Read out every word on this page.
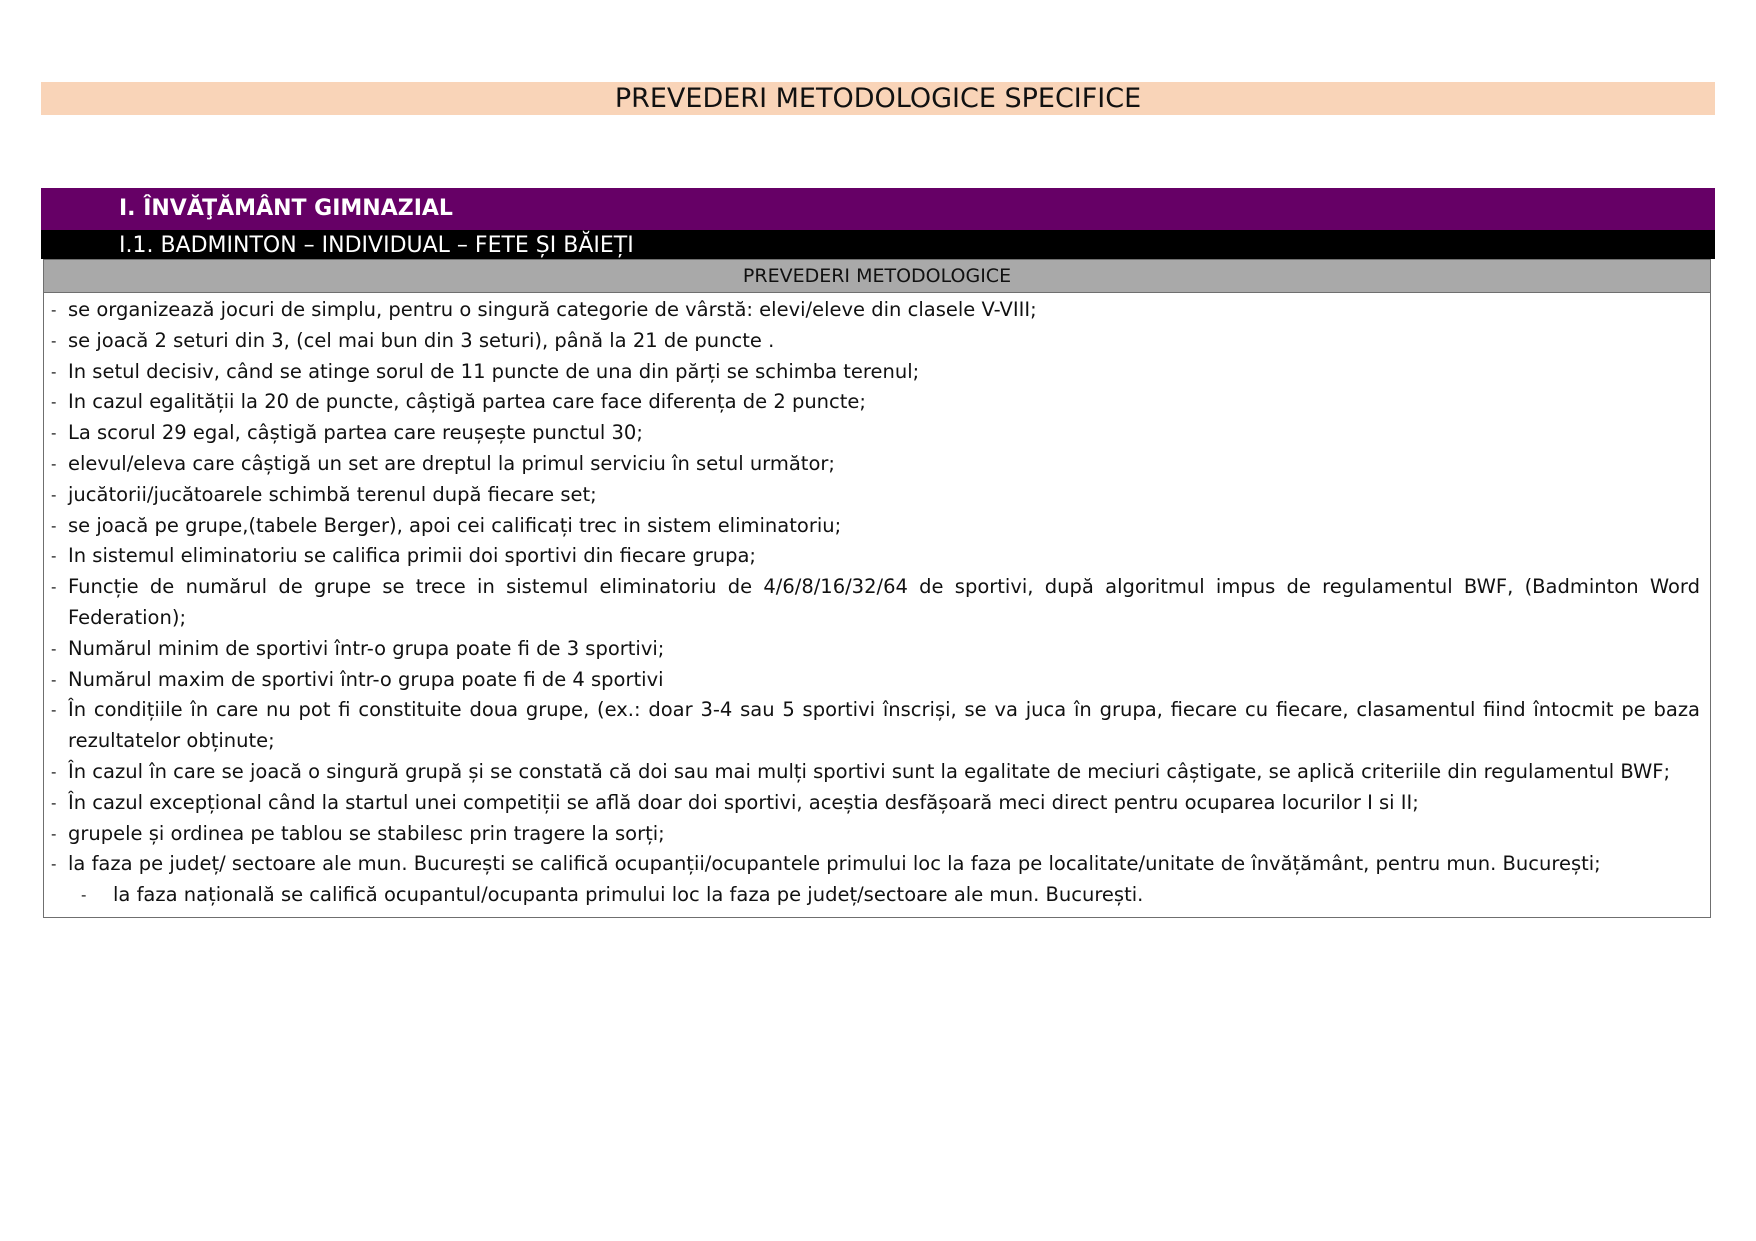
PREVEDERI METODOLOGICE SPECIFICE
I. ÎNVĂŢĂMÂNT GIMNAZIAL
I.1. BADMINTON – INDIVIDUAL – FETE ȘI BĂIEȚI
PREVEDERI METODOLOGICE
- se organizează jocuri de simplu, pentru o singură categorie de vârstă: elevi/eleve din clasele V-VIII;
- se joacă 2 seturi din 3, (cel mai bun din 3 seturi), până la 21 de puncte .
- In setul decisiv, când se atinge sorul de 11 puncte de una din părți se schimba terenul;
- In cazul egalității la 20 de puncte, câștigă partea care face diferența de 2 puncte;
- La scorul 29 egal, câștigă partea care reușește punctul 30;
- elevul/eleva care câștigă un set are dreptul la primul serviciu în setul următor;
- jucătorii/jucătoarele schimbă terenul după fiecare set;
- se joacă pe grupe,(tabele Berger), apoi cei calificați trec in sistem eliminatoriu;
- In sistemul eliminatoriu se califica primii doi sportivi din fiecare grupa;
- Funcție de numărul de grupe se trece in sistemul eliminatoriu de 4/6/8/16/32/64 de sportivi, după algoritmul impus de regulamentul BWF, (Badminton Word Federation);
- Numărul minim de sportivi într-o grupa poate fi de 3 sportivi;
- Numărul maxim de sportivi într-o grupa poate fi de 4 sportivi
- În condițiile în care nu pot fi constituite doua grupe, (ex.: doar 3-4 sau 5 sportivi înscriși, se va juca în grupa, fiecare cu fiecare, clasamentul fiind întocmit pe baza rezultatelor obținute;
- În cazul în care se joacă o singură grupă și se constată că doi sau mai mulți sportivi sunt la egalitate de meciuri câștigate, se aplică criteriile din regulamentul BWF;
- În cazul excepțional când la startul unei competiții se află doar doi sportivi, aceștia desfășoară meci direct pentru ocuparea locurilor I si II;
- grupele și ordinea pe tablou se stabilesc prin tragere la sorți;
- la faza pe județ/ sectoare ale mun. București se califică ocupanții/ocupantele primului loc la faza pe localitate/unitate de învățământ, pentru mun. București;
- la faza națională se califică ocupantul/ocupanta primului loc la faza pe județ/sectoare ale mun. București.
